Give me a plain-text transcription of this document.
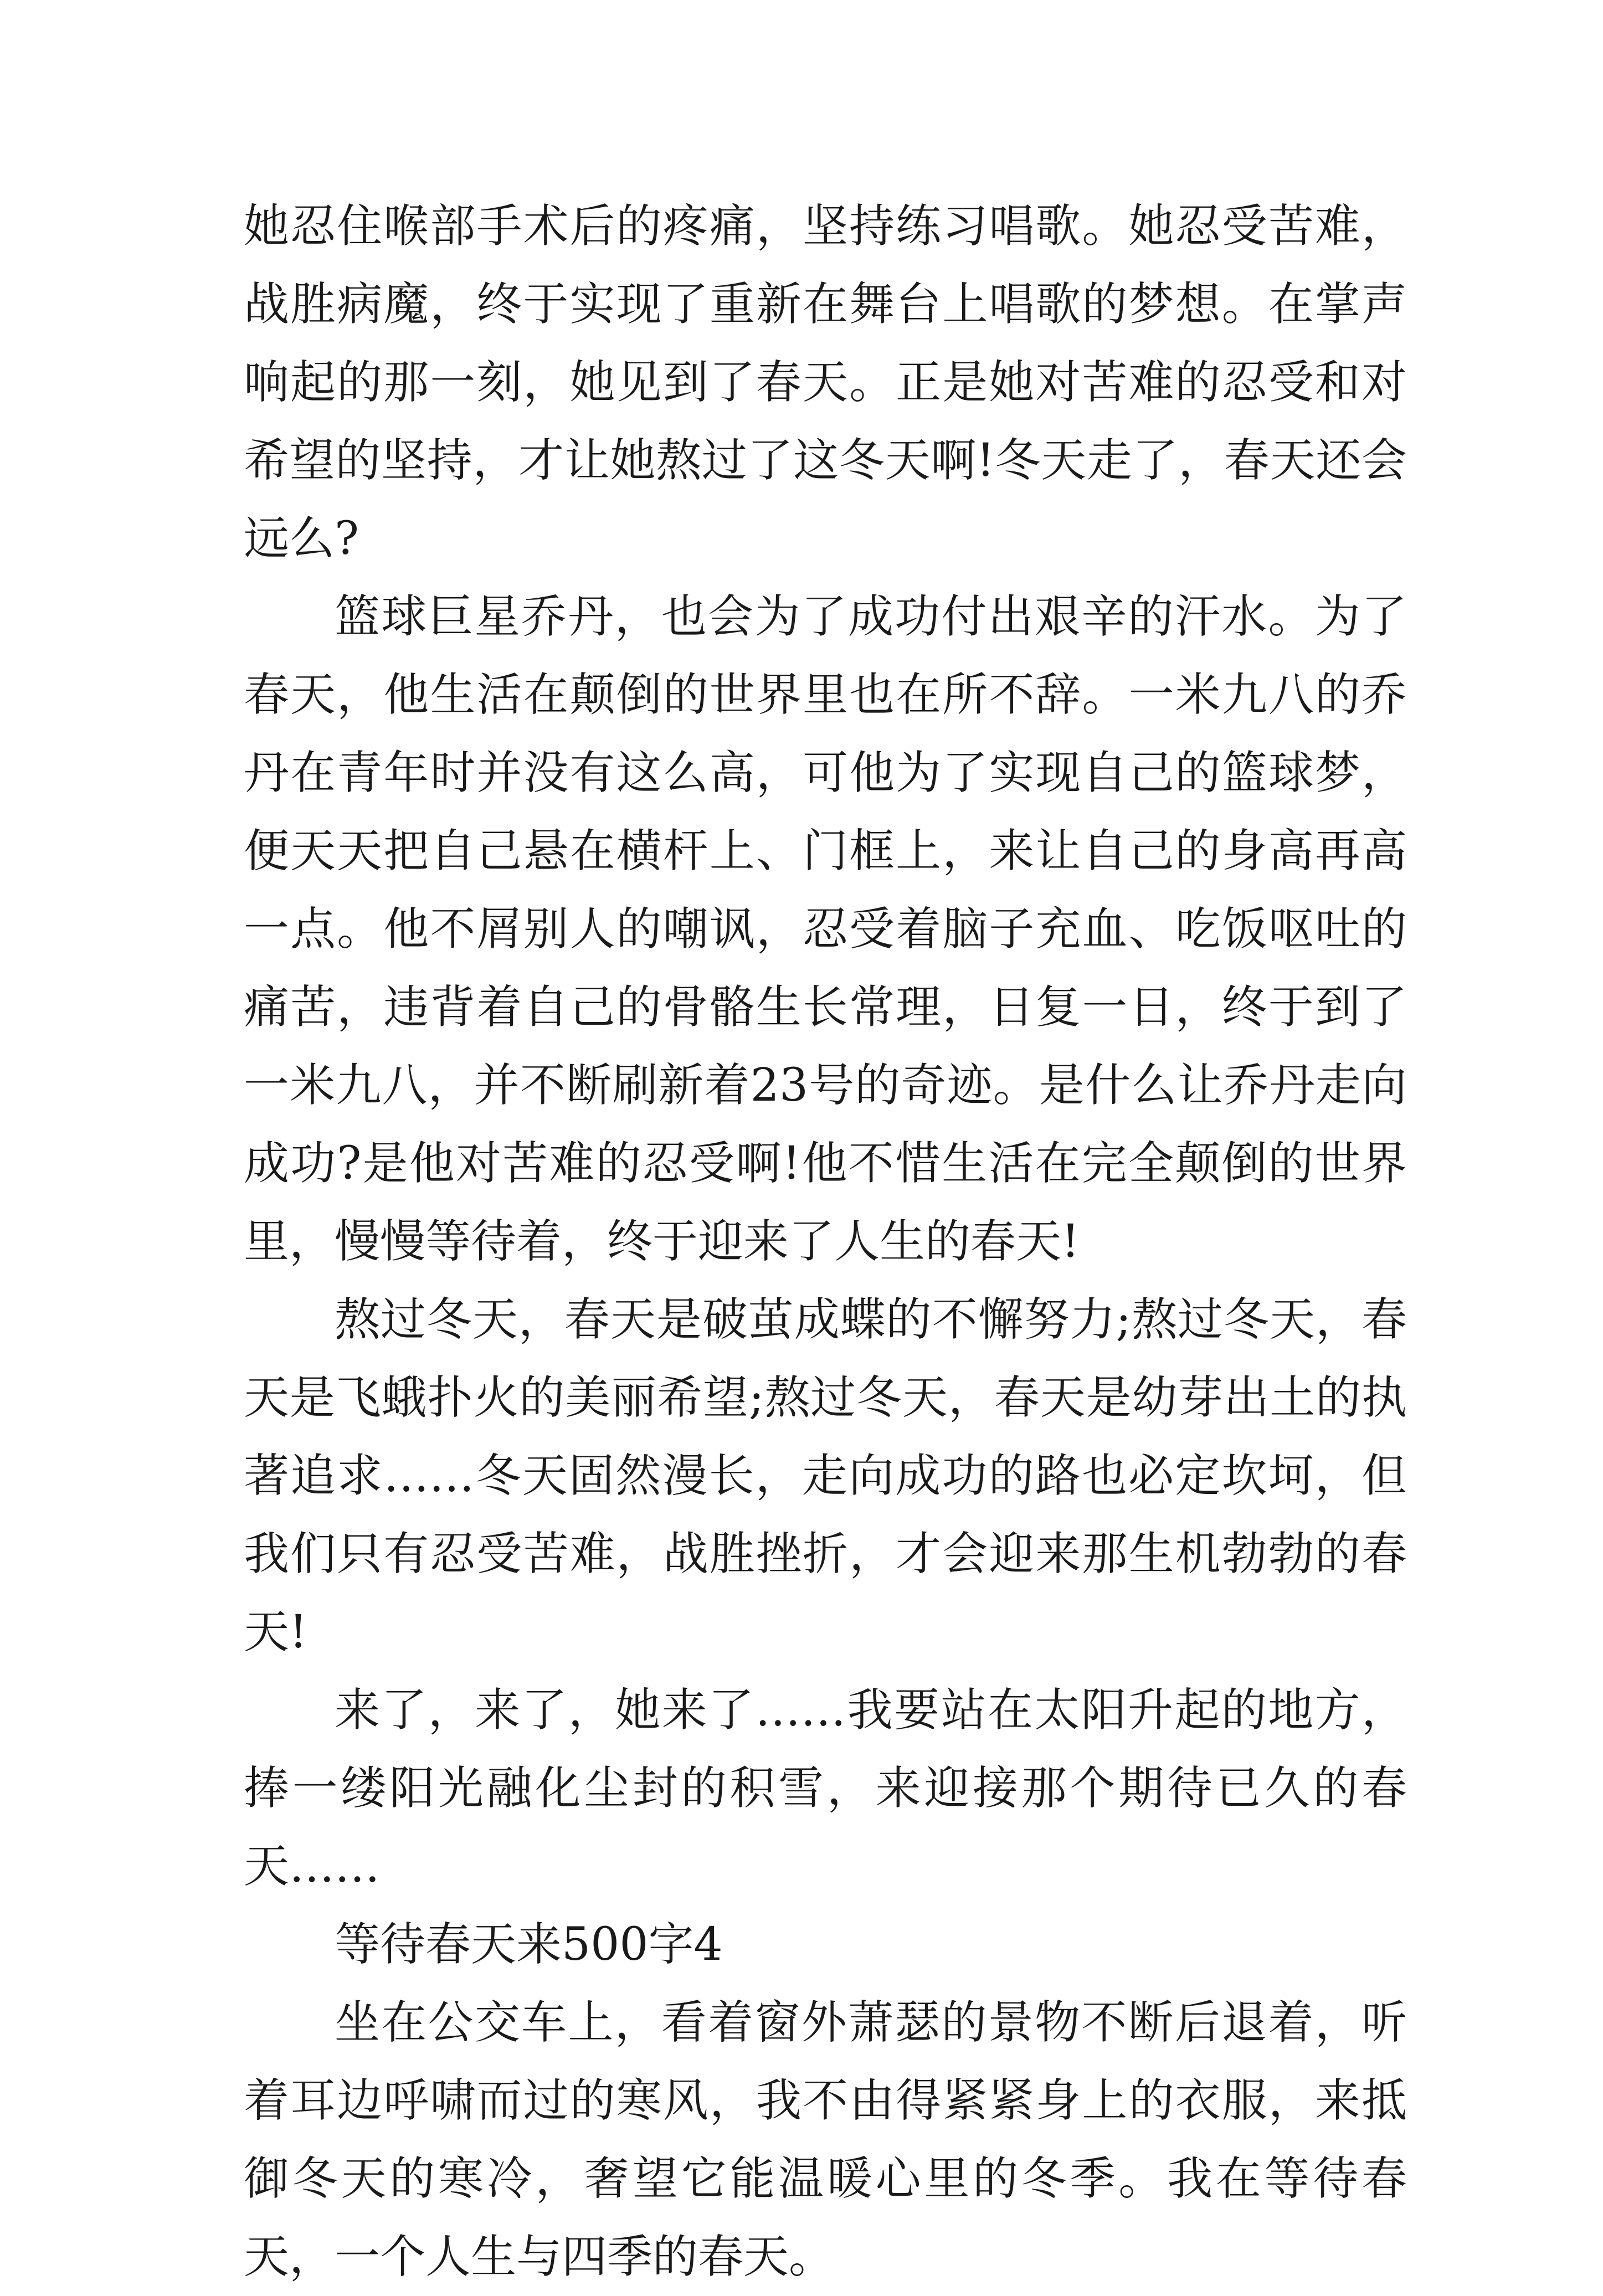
她忍住喉部手术后的疼痛，坚持练习唱歌。她忍受苦难，战胜病魔，终于实现了重新在舞台上唱歌的梦想。在掌声响起的那一刻，她见到了春天。正是她对苦难的忍受和对希望的坚持，才让她熬过了这冬天啊!冬天走了，春天还会远么?

篮球巨星乔丹，也会为了成功付出艰辛的汗水。为了春天，他生活在颠倒的世界里也在所不辞。一米九八的乔丹在青年时并没有这么高，可他为了实现自己的篮球梦，便天天把自己悬在横杆上、门框上，来让自己的身高再高一点。他不屑别人的嘲讽，忍受着脑子充血、吃饭呕吐的痛苦，违背着自己的骨骼生长常理，日复一日，终于到了一米九八，并不断刷新着23号的奇迹。是什么让乔丹走向成功?是他对苦难的忍受啊!他不惜生活在完全颠倒的世界里，慢慢等待着，终于迎来了人生的春天!

熬过冬天，春天是破茧成蝶的不懈努力;熬过冬天，春天是飞蛾扑火的美丽希望;熬过冬天，春天是幼芽出土的执著追求……冬天固然漫长，走向成功的路也必定坎坷，但我们只有忍受苦难，战胜挫折，才会迎来那生机勃勃的春天!

来了，来了，她来了……我要站在太阳升起的地方，捧一缕阳光融化尘封的积雪，来迎接那个期待已久的春天……

等待春天来500字4

坐在公交车上，看着窗外萧瑟的景物不断后退着，听着耳边呼啸而过的寒风，我不由得紧紧身上的衣服，来抵御冬天的寒冷，奢望它能温暖心里的冬季。我在等待春天，一个人生与四季的春天。
